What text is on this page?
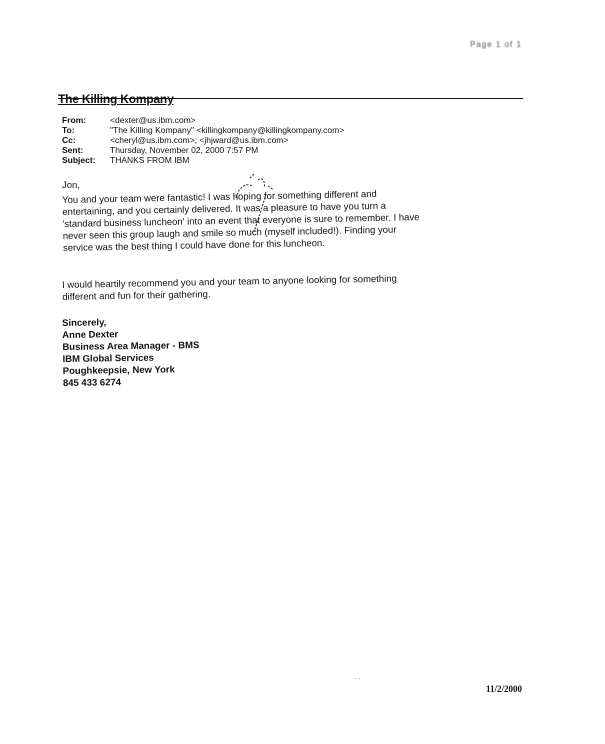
Page 1 of 1
The Killing Kompany
From:	<dexter@us.ibm.com>
To:	"The Killing Kompany" <killingkompany@killingkompany.com>
Cc:	<cheryl@us.ibm.com>; <jhjward@us.ibm.com>
Sent:	Thursday, November 02, 2000 7:57 PM
Subject:	THANKS FROM IBM
Jon,
You and your team were fantastic! I was hoping for something different and entertaining, and you certainly delivered. It was a pleasure to have you turn a 'standard business luncheon' into an event that everyone is sure to remember. I have never seen this group laugh and smile so much (myself included!). Finding your service was the best thing I could have done for this luncheon.
I would heartily recommend you and your team to anyone looking for something different and fun for their gathering.
Sincerely,
Anne Dexter
Business Area Manager - BMS
IBM Global Services
Poughkeepsie, New York
845 433 6274
. .
11/2/2000
